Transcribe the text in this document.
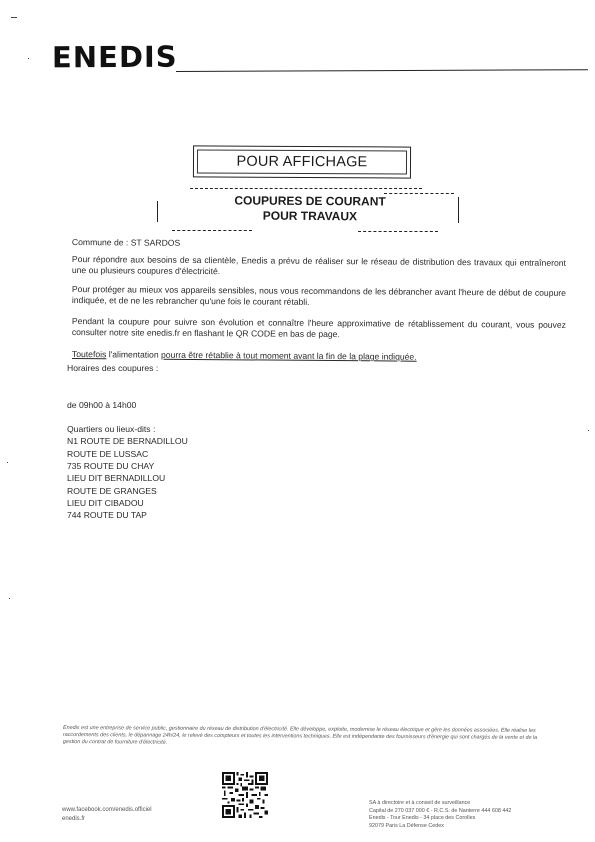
ENEDIS
POUR AFFICHAGE
COUPURES DE COURANT
POUR TRAVAUX
Commune de : ST SARDOS
Pour répondre aux besoins de sa clientèle, Enedis a prévu de réaliser sur le réseau de distribution des travaux qui entraîneront une ou plusieurs coupures d'électricité.
Pour protéger au mieux vos appareils sensibles, nous vous recommandons de les débrancher avant l'heure de début de coupure indiquée, et de ne les rebrancher qu'une fois le courant rétabli.
Pendant la coupure pour suivre son évolution et connaître l'heure approximative de rétablissement du courant, vous pouvez consulter notre site enedis.fr en flashant le QR CODE en bas de page.
Toutefois l'alimentation pourra être rétablie à tout moment avant la fin de la plage indiquée.
Horaires des coupures :
de 09h00 à 14h00
Quartiers ou lieux-dits :
N1 ROUTE DE BERNADILLOU
ROUTE DE LUSSAC
735 ROUTE DU CHAY
LIEU DIT BERNADILLOU
ROUTE DE GRANGES
LIEU DIT CIBADOU
744 ROUTE DU TAP
Enedis est une entreprise de service public, gestionnaire du réseau de distribution d'électricité. Elle développe, exploite, modernise le réseau électrique et gère les données associées. Elle réalise les raccordements des clients, le dépannage 24h/24, le relevé des compteurs et toutes les interventions techniques. Elle est indépendante des fournisseurs d'énergie qui sont chargés de la vente et de la gestion du contrat de fourniture d'électricité.
www.facebook.com/enedis.officiel
enedis.fr
SA à directoire et à conseil de surveillance
Capital de 270 037 000 € - R.C.S. de Nanterre 444 608 442
Enedis - Tour Enedis - 34 place des Corolles
92079 Paris La Défense Cedex
